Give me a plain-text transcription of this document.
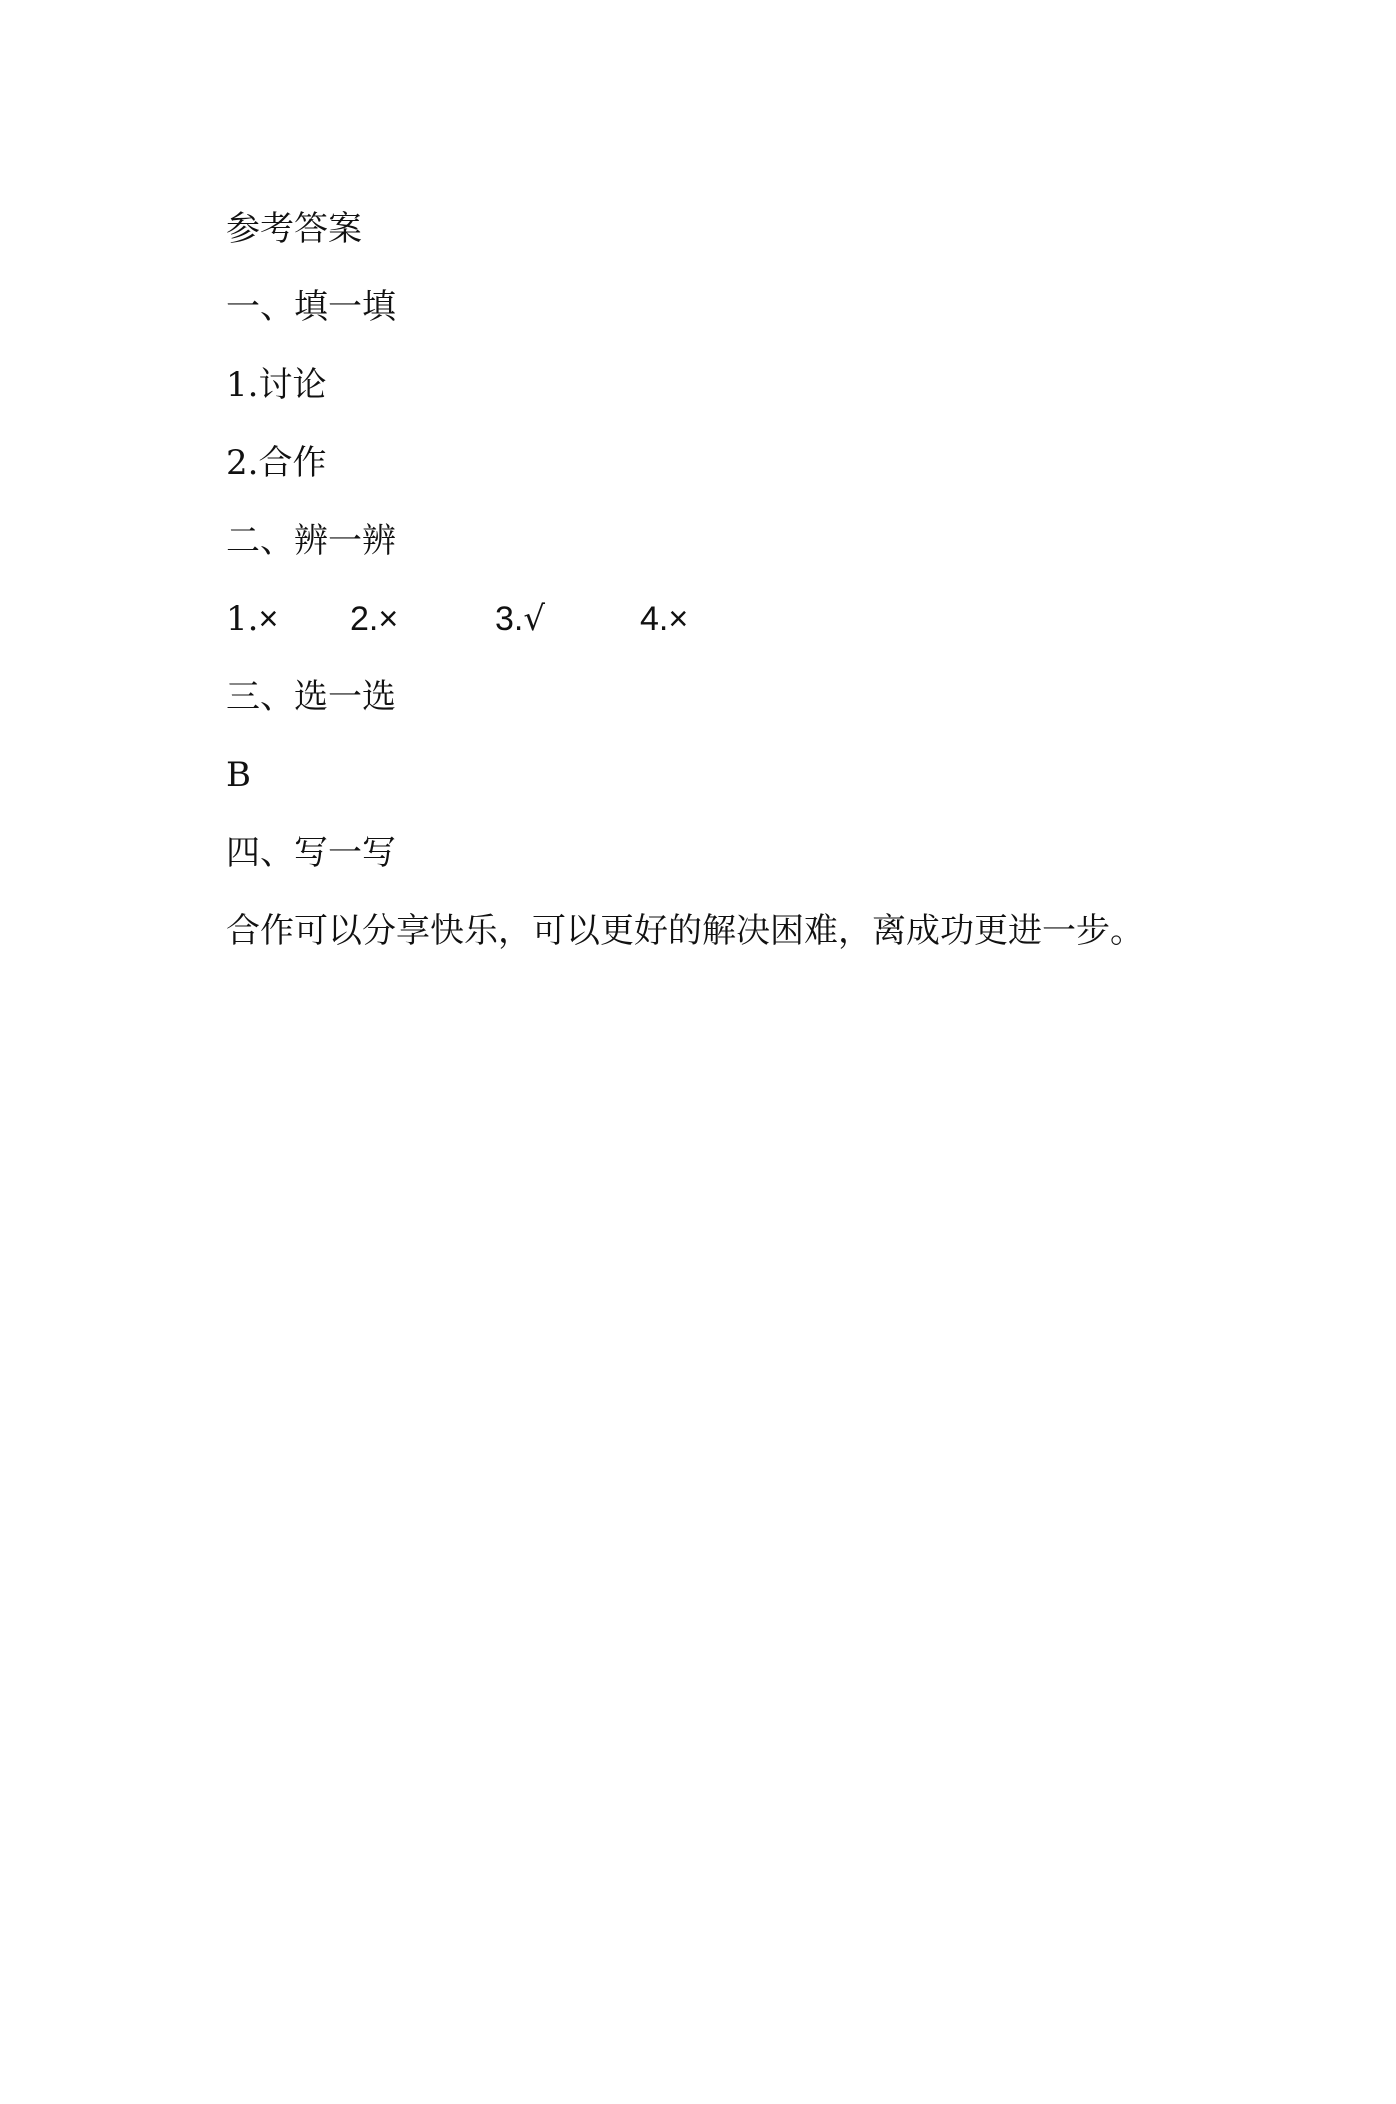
参考答案
一、填一填
1.讨论
2.合作
二、辨一辨
1.×	2.×	3.√	4.×
三、选一选
B
四、写一写
合作可以分享快乐，可以更好的解决困难，离成功更进一步。
